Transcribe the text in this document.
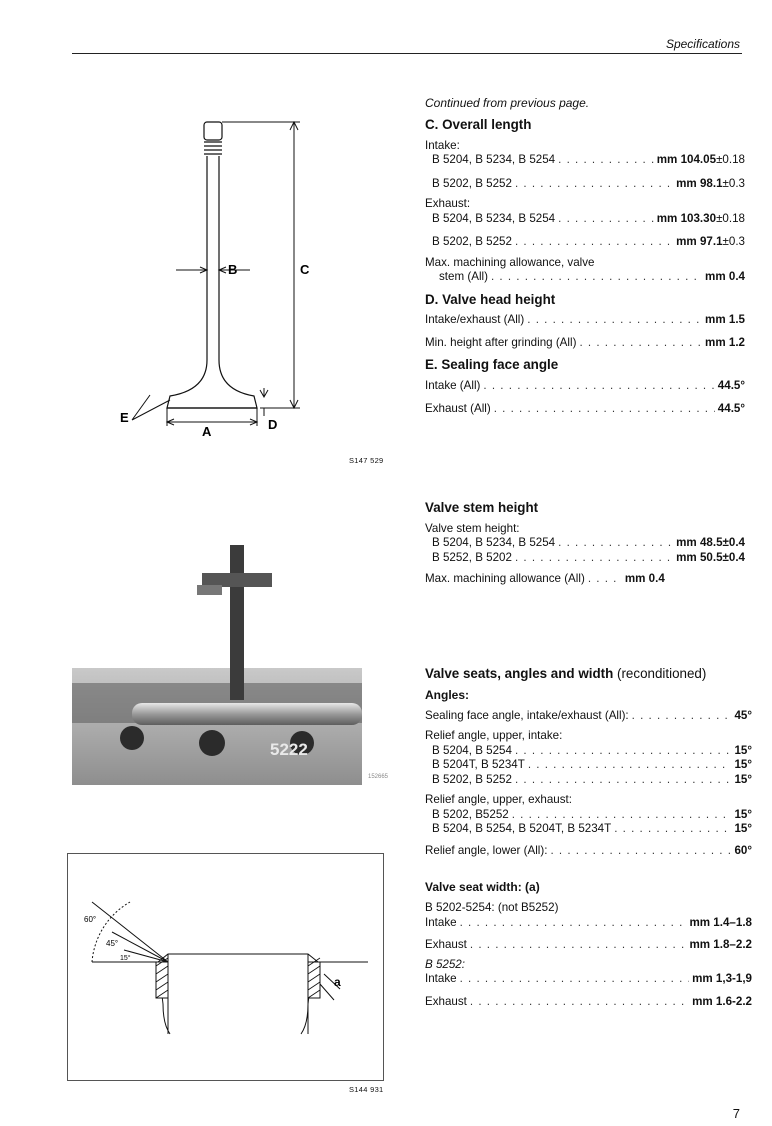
Specifications
B	C
A	D
E
S147 529
5222
152665
60°
45°
15°
a
S144 931
Continued from previous page.
C. Overall length
Intake:
B 5204, B 5234, B 5254 . . .	mm 104.05±0.18
B 5202, B 5252 . . .	mm 98.1±0.3
Exhaust:
B 5204, B 5234, B 5254 . . .	mm 103.30±0.18
B 5202, B 5252 . . .	mm 97.1±0.3
Max. machining allowance, valve
stem (All) . . .	mm 0.4
D. Valve head height
Intake/exhaust (All) . . .	mm 1.5
Min. height after grinding (All) . . .	mm 1.2
E. Sealing face angle
Intake (All) . . .	44.5°
Exhaust (All) . . .	44.5°
Valve stem height
Valve stem height:
B 5204, B 5234, B 5254 . . .	mm 48.5±0.4
B 5252, B 5202 . . .	mm 50.5±0.4
Max. machining allowance (All) . . .	mm 0.4
Valve seats, angles and width (reconditioned)
Angles:
Sealing face angle, intake/exhaust (All): . . .	45°
Relief angle, upper, intake:
B 5204, B 5254 . . .	15°
B 5204T, B 5234T . . .	15°
B 5202, B 5252 . . .	15°
Relief angle, upper, exhaust:
B 5202, B5252 . . .	15°
B 5204, B 5254, B 5204T, B 5234T . . .	15°
Relief angle, lower (All): . . .	60°
Valve seat width: (a)
B 5202-5254: (not B5252)
Intake . . .	mm 1.4–1.8
Exhaust . . .	mm 1.8–2.2
B 5252:
Intake . . .	mm 1,3-1,9
Exhaust . . .	mm 1.6-2.2
7
